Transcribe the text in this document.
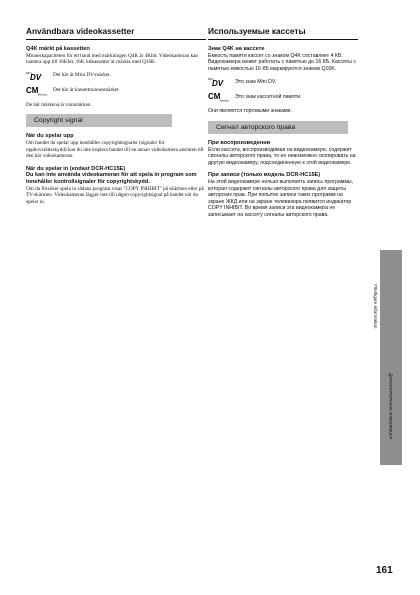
Användbara videokassetter
Q4K märkt på kassetten
Minneskapaciteten för ett band med märkningen Q4K är 4Kbit. Videokameran kan hantera upp till 16Kbit. 16K bitkassetter är märkta med Q16K.
Mini
DV Det här är Mini DV-märket.
CM Memory
Det här är kassettminnesmärket.
De här märkena är varumärken.
Copyright signal
När du spelar upp
Om bandet du spelar upp innehåller copyrightsignaler (signaler för upphovsrättsskydd) kan du inte kopiera bandet till en annan videokamera ansluten till den här videokameran.
När du spelar in (endast DCR-HC15E)
Du kan inte använda videokameran för att spela in program som innehåller kontrollsignaler för copyrightskydd.
Om du försöker spela in sådana program visas "COPY INHIBIT" på skärmen eller på TV-skärmen. Videokameran lägger inte till någon copyrightsignal på bandet när du spelar in.
Используемые кассеты
Знак Q4K на кассете
Емкость памяти кассет со знаком Q4K составляет 4 КБ. Видеокамера может работать с памятью до 16 КБ. Кассеты с памятью емкостью 16 КБ маркируются знаком Q16K.
Mini
DV Это знак Mini DV.
CM Memory
Это знак кассетной памяти.
Они являются торговыми знаками.
Сигнал авторского права
При воспроизведении
Если кассета, воспроизводимая на видеокамере, содержит сигналы авторского права, то ее невозможно скопировать на другую видеокамеру, подсоединенную к этой видеокамере.
При записи (только модель DCR-HC15E)
На этой видеокамере нельзя выполнить запись программы, которая содержит сигналы авторского права для защиты авторских прав. При попытке записи таких программ на экране ЖКД или на экране телевизора появится индикатор COPY INHIBIT. Во время записи эта видеокамера не записывает на кассету сигналы авторского права.
Ytterligare information
Дополнительная информация
161
